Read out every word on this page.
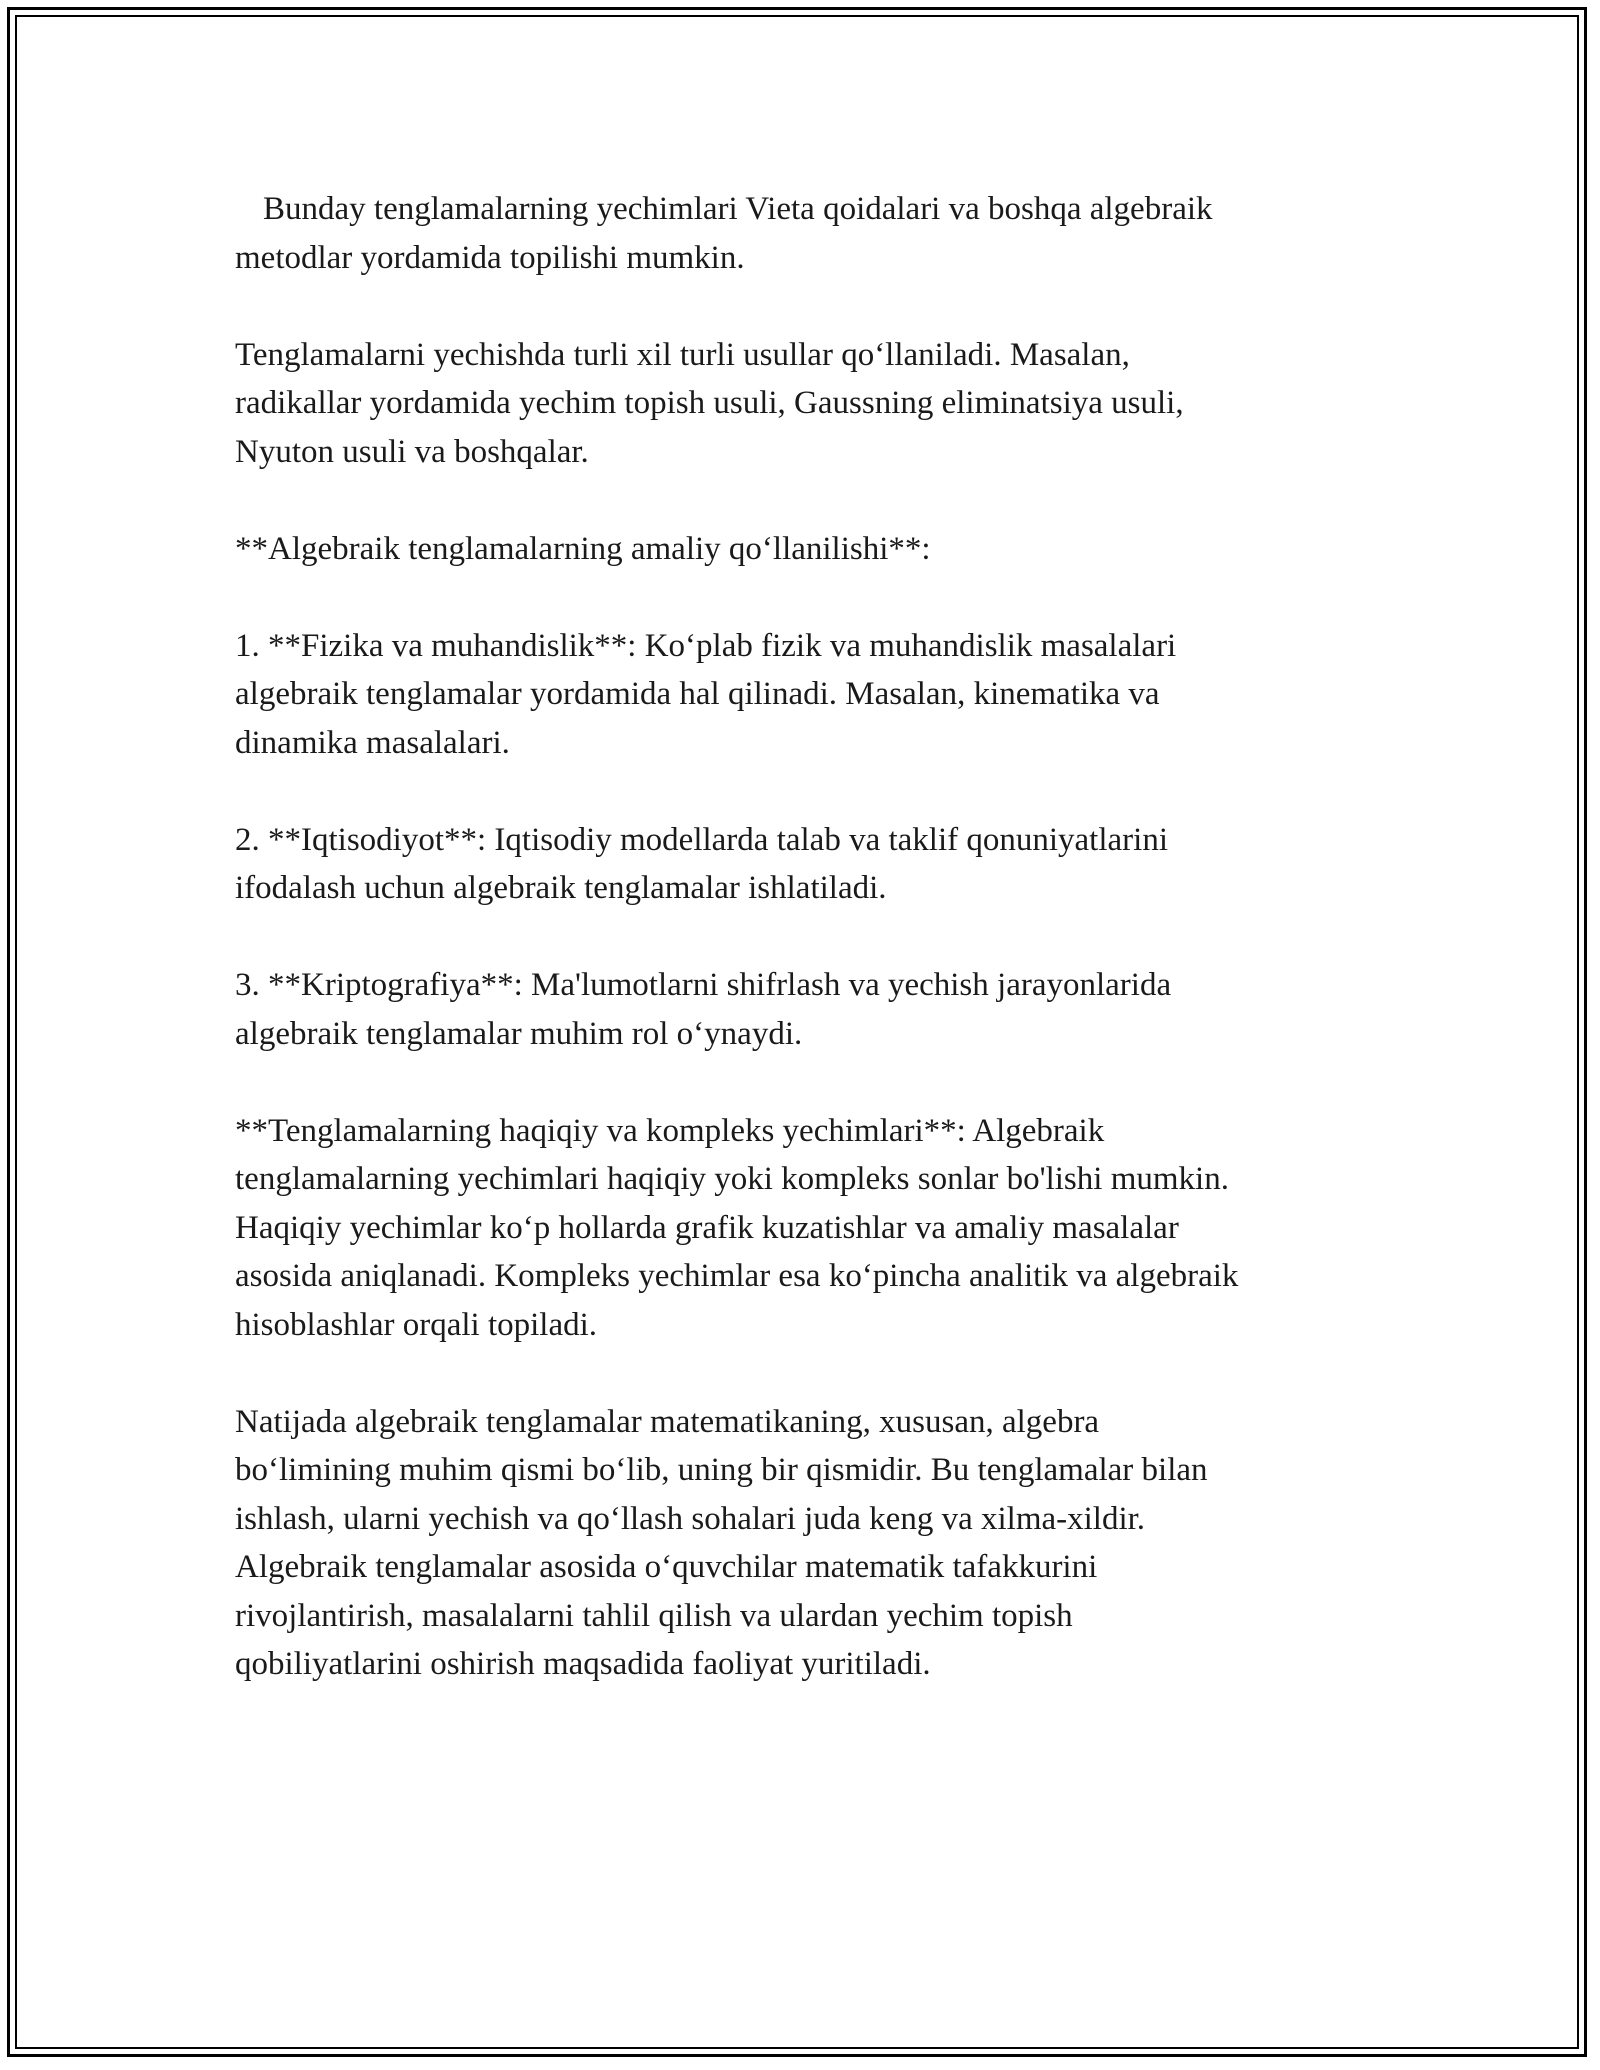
Bunday tenglamalarning yechimlari Vieta qoidalari va boshqa algebraik
metodlar yordamida topilishi mumkin.

Tenglamalarni yechishda turli xil turli usullar qo‘llaniladi. Masalan,
radikallar yordamida yechim topish usuli, Gaussning eliminatsiya usuli,
Nyuton usuli va boshqalar.

**Algebraik tenglamalarning amaliy qo‘llanilishi**:

1. **Fizika va muhandislik**: Ko‘plab fizik va muhandislik masalalari
algebraik tenglamalar yordamida hal qilinadi. Masalan, kinematika va
dinamika masalalari.

2. **Iqtisodiyot**: Iqtisodiy modellarda talab va taklif qonuniyatlarini
ifodalash uchun algebraik tenglamalar ishlatiladi.

3. **Kriptografiya**: Ma'lumotlarni shifrlash va yechish jarayonlarida
algebraik tenglamalar muhim rol o‘ynaydi.

**Tenglamalarning haqiqiy va kompleks yechimlari**: Algebraik
tenglamalarning yechimlari haqiqiy yoki kompleks sonlar bo'lishi mumkin.
Haqiqiy yechimlar ko‘p hollarda grafik kuzatishlar va amaliy masalalar
asosida aniqlanadi. Kompleks yechimlar esa ko‘pincha analitik va algebraik
hisoblashlar orqali topiladi.

Natijada algebraik tenglamalar matematikaning, xususan, algebra
bo‘limining muhim qismi bo‘lib, uning bir qismidir. Bu tenglamalar bilan
ishlash, ularni yechish va qo‘llash sohalari juda keng va xilma-xildir.
Algebraik tenglamalar asosida o‘quvchilar matematik tafakkurini
rivojlantirish, masalalarni tahlil qilish va ulardan yechim topish
qobiliyatlarini oshirish maqsadida faoliyat yuritiladi.
